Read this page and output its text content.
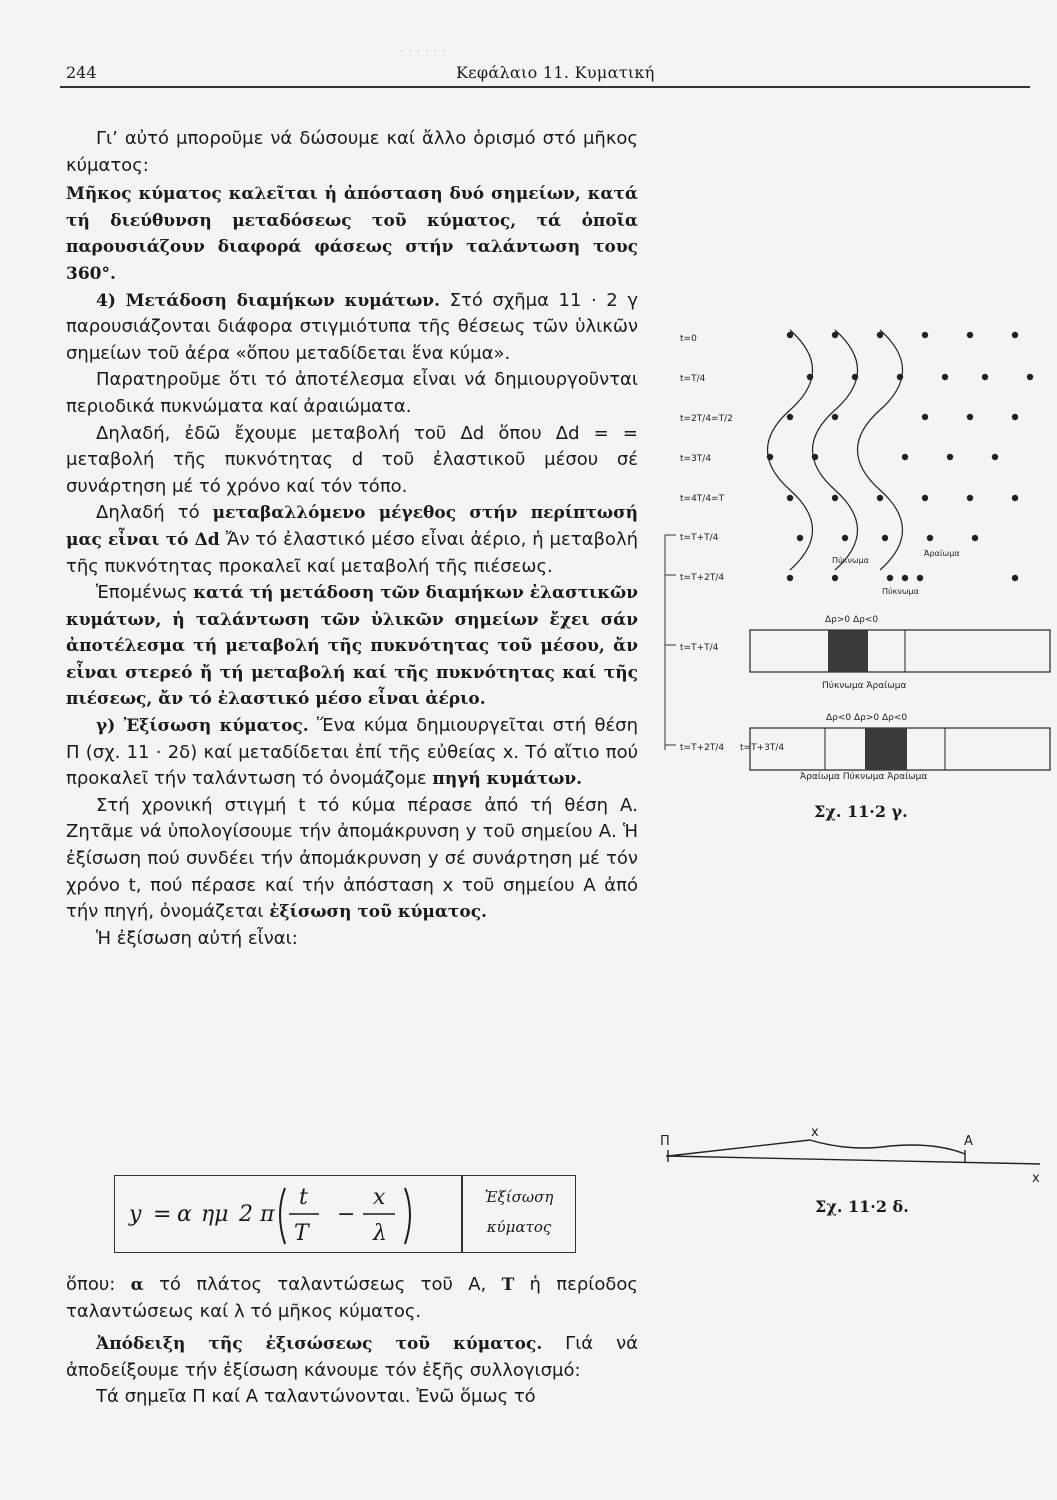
· · · · · ·
244	Κεφάλαιο 11. Κυματική

Γι’ αὐτό μποροῦμε νά δώσουμε καί ἄλλο ὁρισμό στό μῆκος κύματος:

Μῆκος κύματος καλεῖται ἡ ἀπόσταση δυό σημείων, κατά τή διεύθυνση μεταδόσεως τοῦ κύματος, τά ὁποῖα παρουσιάζουν διαφορά φάσεως στήν ταλάντωση τους 360°.

4) Μετάδοση διαμήκων κυμάτων. Στό σχῆμα 11 · 2 γ παρουσιάζονται διάφορα στιγμιότυπα τῆς θέσεως τῶν ὑλικῶν σημείων τοῦ ἀέρα «ὅπου μεταδίδεται ἕνα κύμα».

Παρατηροῦμε ὅτι τό ἀποτέλεσμα εἶναι νά δημιουργοῦνται περιοδικά πυκνώματα καί ἀραιώματα.

Δηλαδή, ἐδῶ ἔχουμε μεταβολή τοῦ Δd ὅπου Δd = = μεταβολή τῆς πυκνότητας d τοῦ ἐλαστικοῦ μέσου σέ συνάρτηση μέ τό χρόνο καί τόν τόπο.

Δηλαδή τό μεταβαλλόμενο μέγεθος στήν περίπτωσή μας εἶναι τό Δd Ἄν τό ἐλαστικό μέσο εἶναι ἀέριο, ἡ μεταβολή τῆς πυκνότητας προκαλεῖ καί μεταβολή τῆς πιέσεως.

Ἑπομένως κατά τή μετάδοση τῶν διαμήκων ἐλαστικῶν κυμάτων, ἡ ταλάντωση τῶν ὑλικῶν σημείων ἔχει σάν ἀποτέλεσμα τή μεταβολή τῆς πυκνότητας τοῦ μέσου, ἄν εἶναι στερεό ἤ τή μεταβολή καί τῆς πυκνότητας καί τῆς πιέσεως, ἄν τό ἐλαστικό μέσο εἶναι ἀέριο.

γ) Ἐξίσωση κύματος. Ἕνα κύμα δημιουργεῖται στή θέση Π (σχ. 11 · 2δ) καί μεταδίδεται ἐπί τῆς εὐθείας x. Τό αἴτιο πού προκαλεῖ τήν ταλάντωση τό ὀνομάζομε πηγή κυμάτων.

Στή χρονική στιγμή t τό κύμα πέρασε ἀπό τή θέση Α. Ζητᾶμε νά ὑπολογίσουμε τήν ἀπομάκρυνση y τοῦ σημείου Α. Ἡ ἐξίσωση πού συνδέει τήν ἀπομάκρυνση y σέ συνάρτηση μέ τόν χρόνο t, πού πέρασε καί τήν ἀπόσταση x τοῦ σημείου Α ἀπό τήν πηγή, ὀνομάζεται ἐξίσωση τοῦ κύματος.

Ἡ ἐξίσωση αὐτή εἶναι:

y = α ημ 2 π
t
T
−
x
λ
Ἐξίσωση
κύματος

ὅπου: α τό πλάτος ταλαντώσεως τοῦ Α, Τ ἡ περίοδος ταλαντώσεως καί λ τό μῆκος κύματος.

Ἀπόδειξη τῆς ἐξισώσεως τοῦ κύματος. Γιά νά ἀποδείξουμε τήν ἐξίσωση κάνουμε τόν ἑξῆς συλλογισμό:

Τά σημεῖα Π καί Α ταλαντώνονται. Ἐνῶ ὅμως τό

t=0
t=T/4
t=2T/4=T/2
t=3T/4
t=4T/4=T
t=T+T/4
t=T+2T/4
t=T+T/4
t=T+2T/4 t=T+3T/4
Πύκνωμα
Ἀραίωμα
Πύκνωμα
Δρ>0 Δρ<0
Πύκνωμα Ἀραίωμα
Δρ<0 Δρ>0 Δρ<0
Ἀραίωμα Πύκνωμα Ἀραίωμα
Σχ. 11·2 γ.
Π
x
A
x
Σχ. 11·2 δ.
